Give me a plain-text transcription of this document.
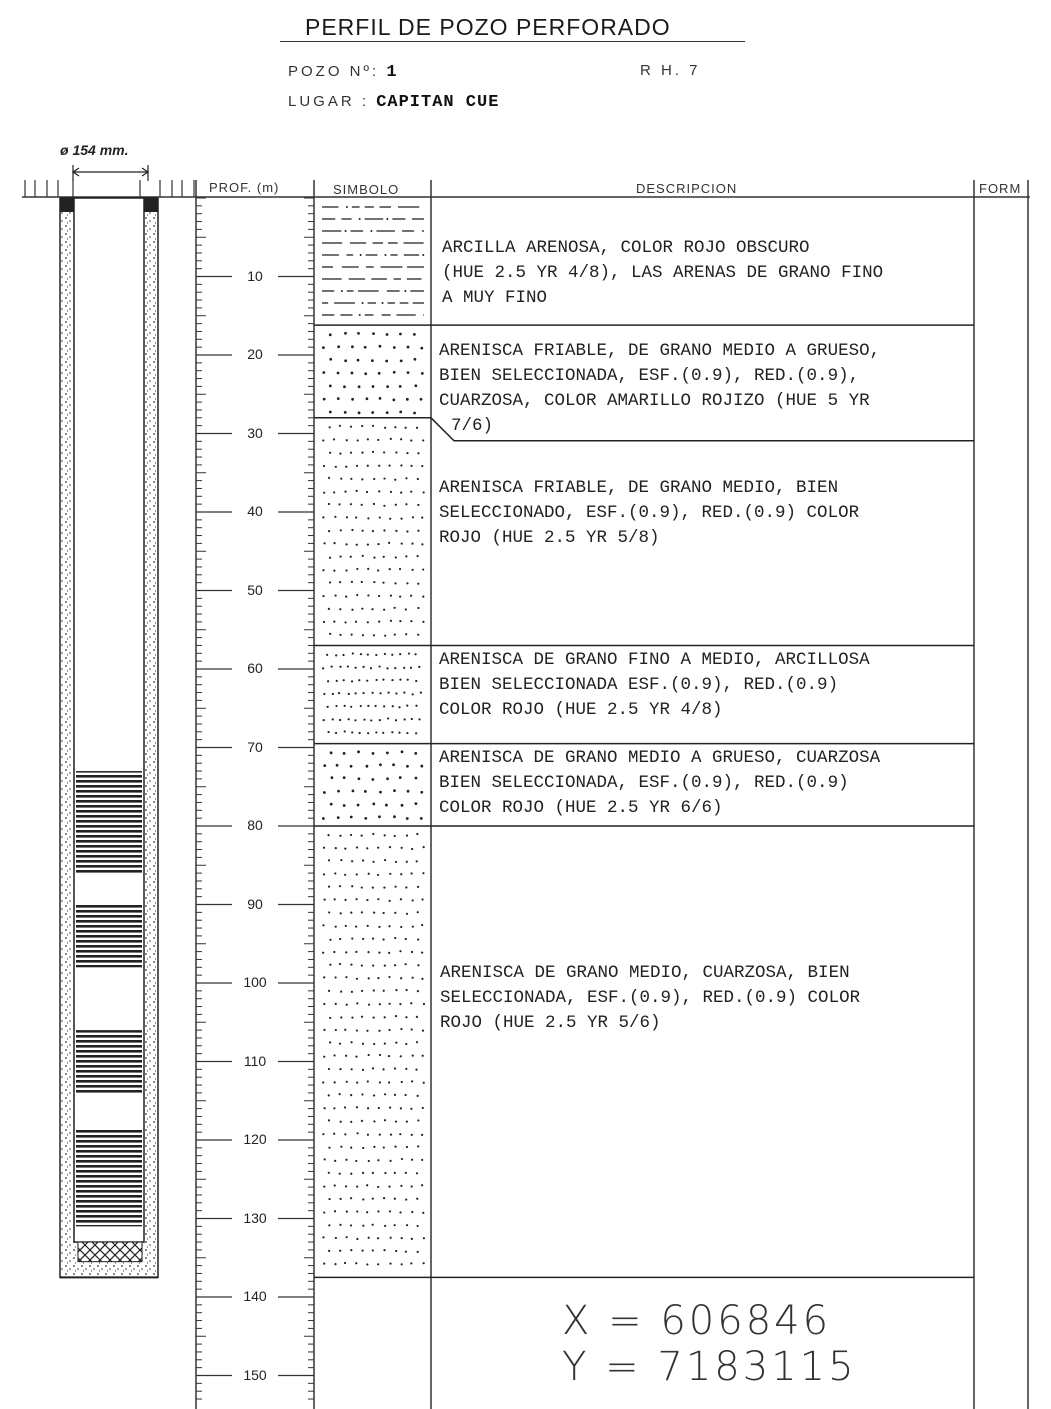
PERFIL DE POZO PERFORADO
POZO Nº: 1	R H. 7
LUGAR : CAPITAN CUE
ø 154 mm.
PROF. (m)	SIMBOLO	DESCRIPCION	FORM
10
20
30
40
50
60
70
80
90
100
110
120
130
140
150
ARCILLA ARENOSA, COLOR ROJO OBSCURO
(HUE 2.5 YR 4/8), LAS ARENAS DE GRANO FINO
A MUY FINO
ARENISCA FRIABLE, DE GRANO MEDIO A GRUESO,
BIEN SELECCIONADA, ESF.(0.9), RED.(0.9),
CUARZOSA, COLOR AMARILLO ROJIZO (HUE 5 YR
7/6)
ARENISCA FRIABLE, DE GRANO MEDIO, BIEN
SELECCIONADO, ESF.(0.9), RED.(0.9) COLOR
ROJO (HUE 2.5 YR 5/8)
ARENISCA DE GRANO FINO A MEDIO, ARCILLOSA
BIEN SELECCIONADA ESF.(0.9), RED.(0.9)
COLOR ROJO (HUE 2.5 YR 4/8)
ARENISCA DE GRANO MEDIO A GRUESO, CUARZOSA
BIEN SELECCIONADA, ESF.(0.9), RED.(0.9)
COLOR ROJO (HUE 2.5 YR 6/6)
ARENISCA DE GRANO MEDIO, CUARZOSA, BIEN
SELECCIONADA, ESF.(0.9), RED.(0.9) COLOR
ROJO (HUE 2.5 YR 5/6)
X = 606846
Y = 7183115
